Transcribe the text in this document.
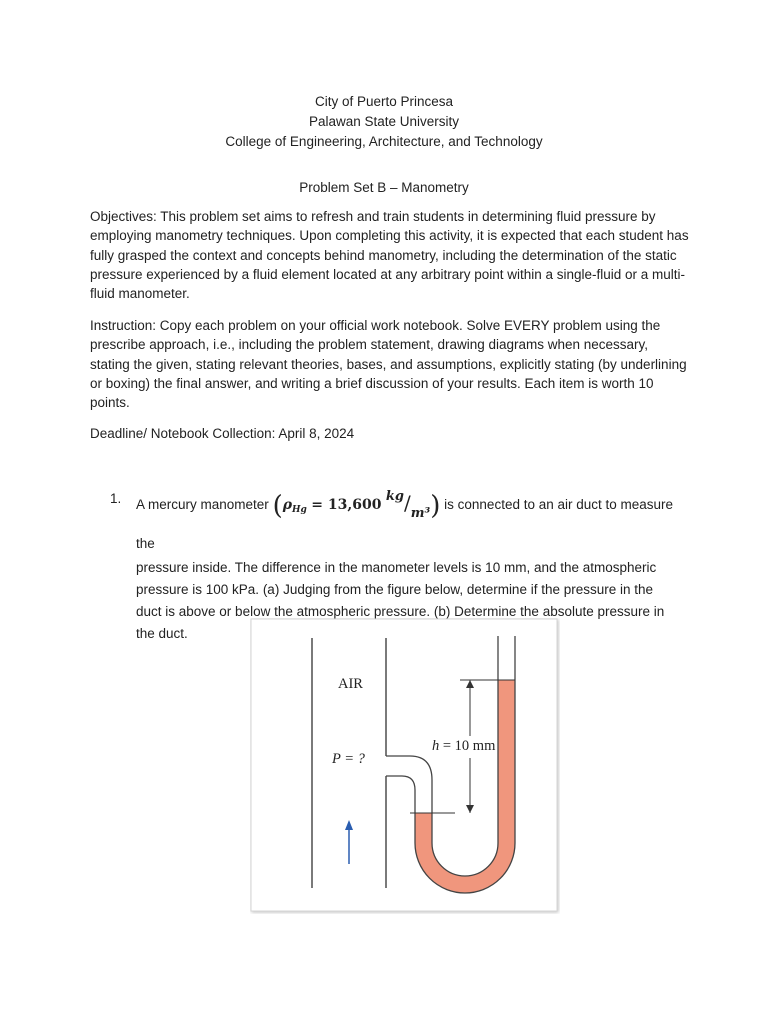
City of Puerto Princesa
Palawan State University
College of Engineering, Architecture, and Technology
Problem Set B – Manometry

Objectives: This problem set aims to refresh and train students in determining fluid pressure by employing manometry techniques. Upon completing this activity, it is expected that each student has fully grasped the context and concepts behind manometry, including the determination of the static pressure experienced by a fluid element located at any arbitrary point within a single-fluid or a multi-fluid manometer.

Instruction: Copy each problem on your official work notebook. Solve EVERY problem using the prescribe approach, i.e., including the problem statement, drawing diagrams when necessary, stating the given, stating relevant theories, bases, and assumptions, explicitly stating (by underlining or boxing) the final answer, and writing a brief discussion of your results. Each item is worth 10 points.

Deadline/ Notebook Collection: April 8, 2024

1. A mercury manometer ($\rho_{Hg} = 13,600$ kg/m³) is connected to an air duct to measure the
pressure inside. The difference in the manometer levels is 10 mm, and the atmospheric pressure is 100 kPa. (a) Judging from the figure below, determine if the pressure in the duct is above or below the atmospheric pressure. (b) Determine the absolute pressure in the duct.
AIR
P = ?
h = 10 mm
